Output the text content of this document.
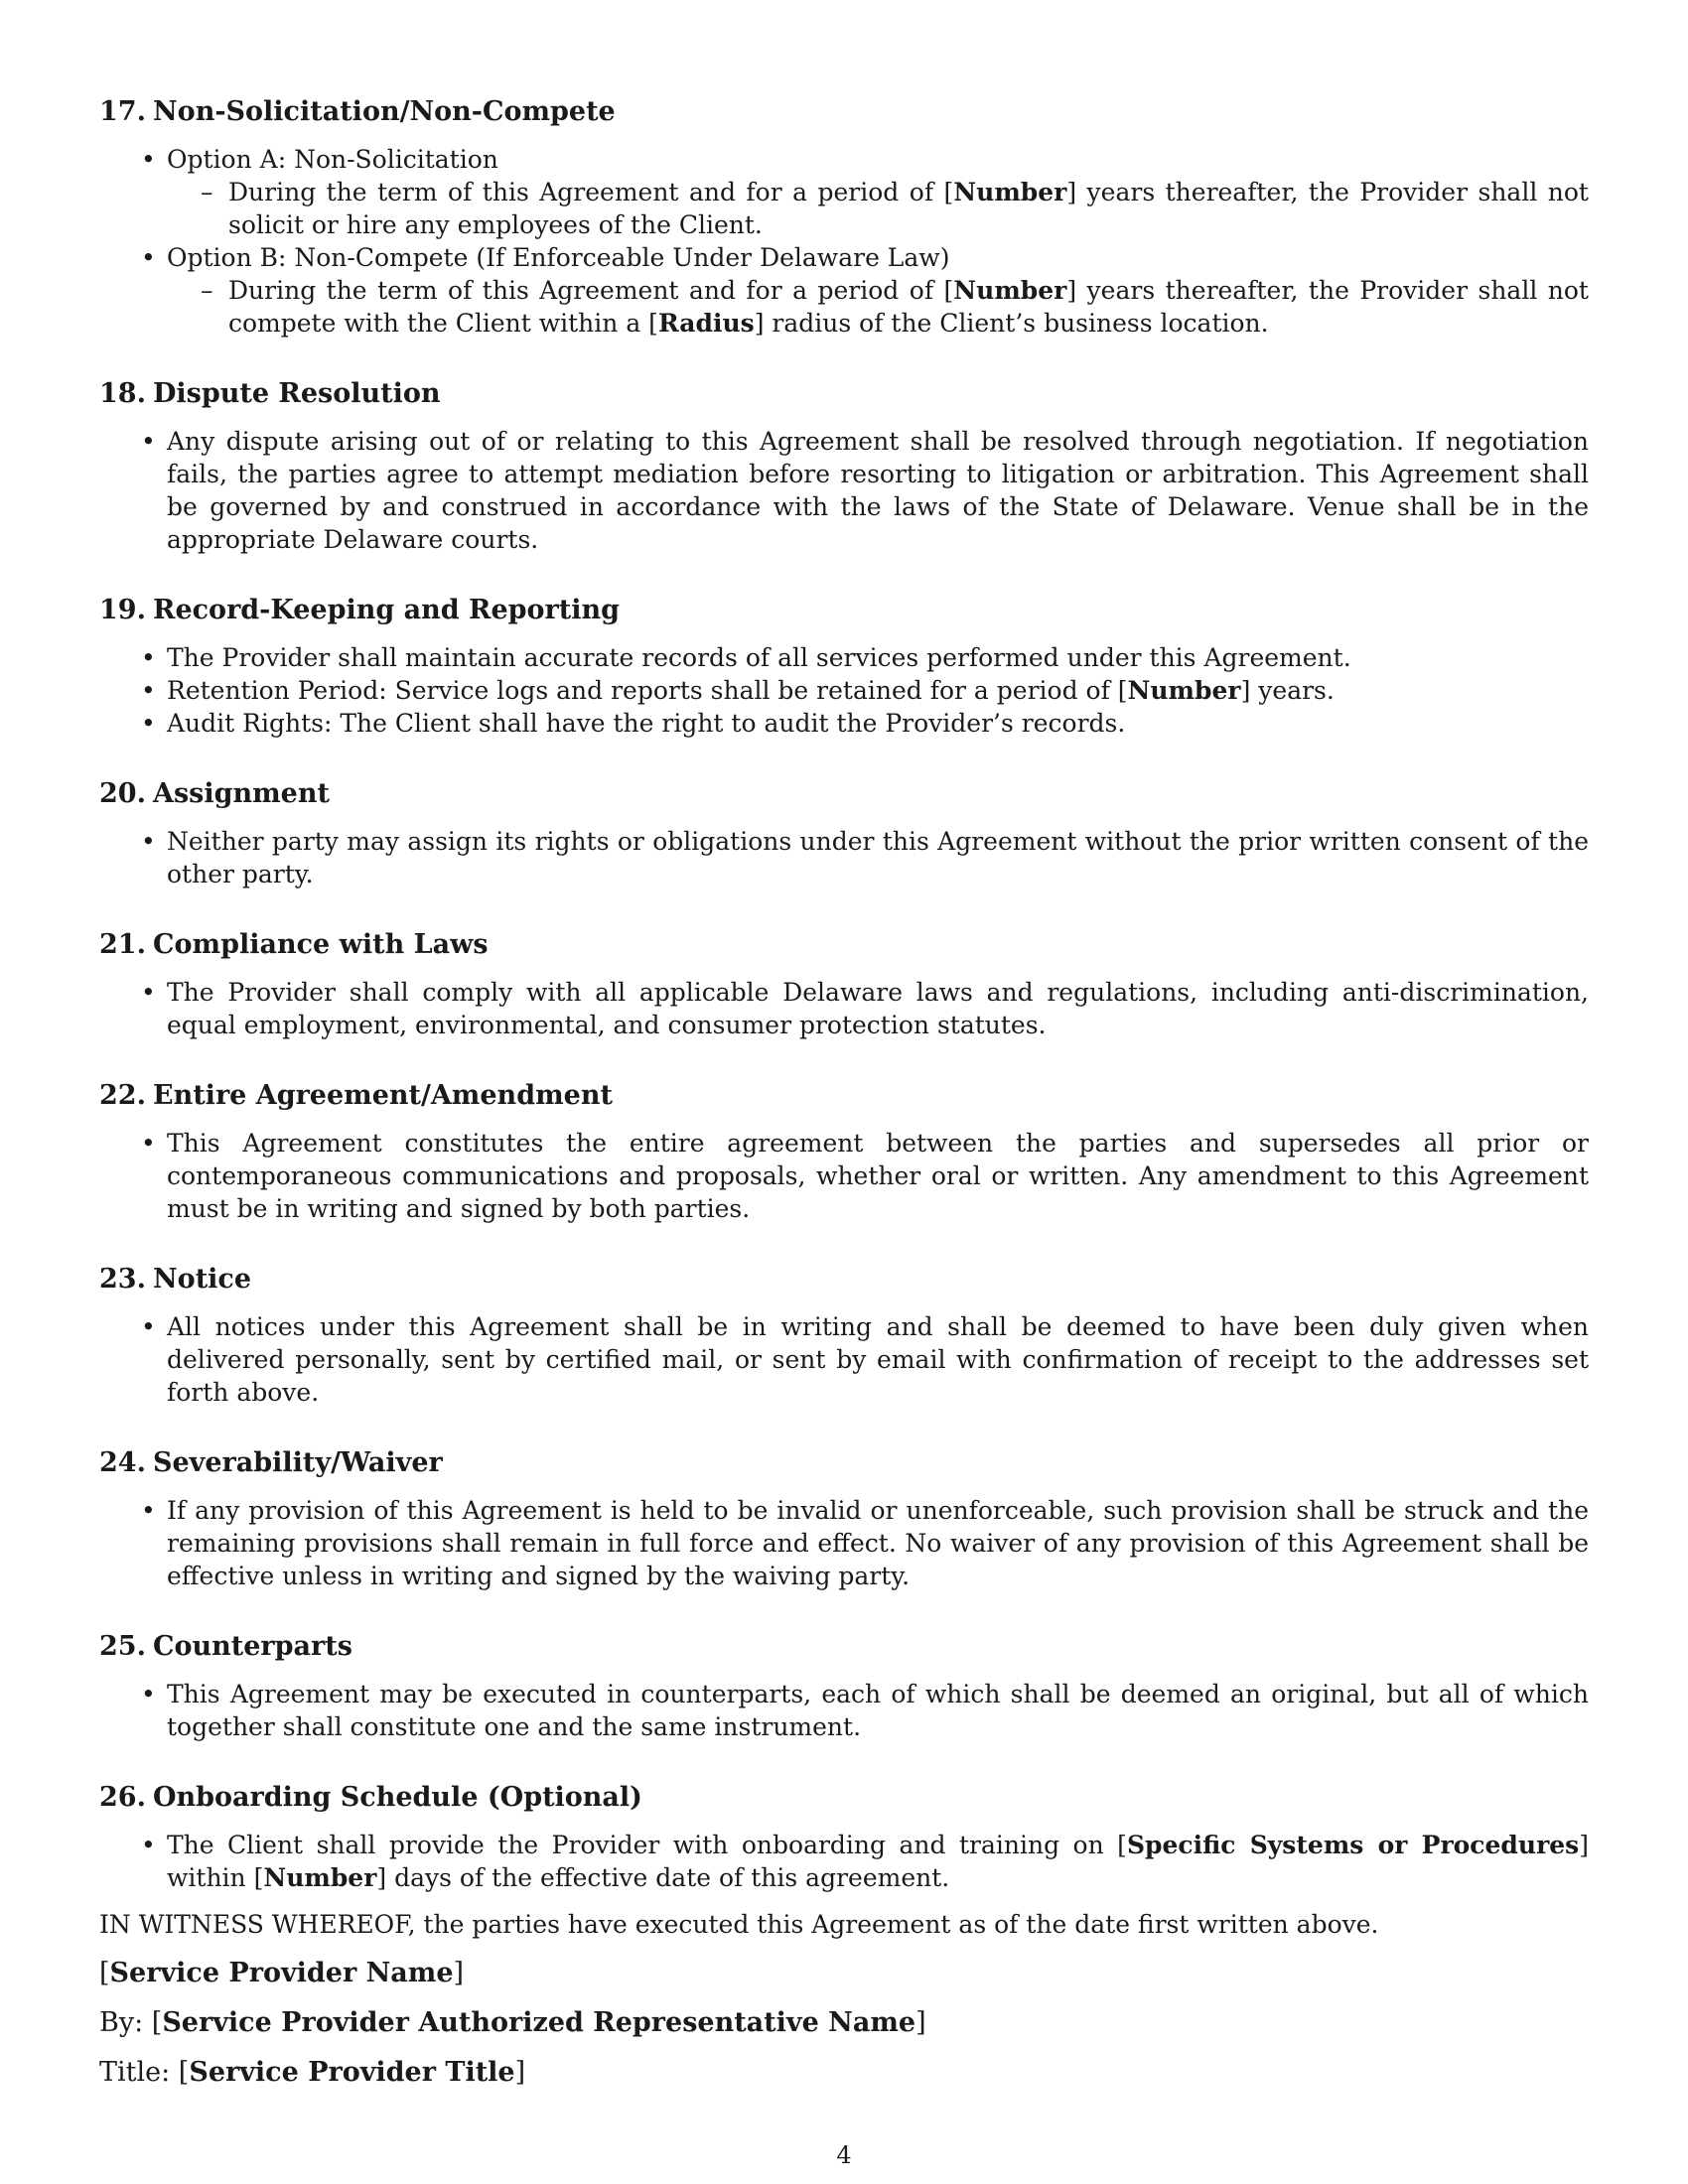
17. Non-Solicitation/Non-Compete
• Option A: Non-Solicitation
– During the term of this Agreement and for a period of [Number] years thereafter, the Provider shall not solicit or hire any employees of the Client.
• Option B: Non-Compete (If Enforceable Under Delaware Law)
– During the term of this Agreement and for a period of [Number] years thereafter, the Provider shall not compete with the Client within a [Radius] radius of the Client’s business location.
18. Dispute Resolution
• Any dispute arising out of or relating to this Agreement shall be resolved through negotiation. If negotiation fails, the parties agree to attempt mediation before resorting to litigation or arbitration. This Agreement shall be governed by and construed in accordance with the laws of the State of Delaware. Venue shall be in the appropriate Delaware courts.
19. Record-Keeping and Reporting
• The Provider shall maintain accurate records of all services performed under this Agreement.
• Retention Period: Service logs and reports shall be retained for a period of [Number] years.
• Audit Rights: The Client shall have the right to audit the Provider’s records.
20. Assignment
• Neither party may assign its rights or obligations under this Agreement without the prior written consent of the other party.
21. Compliance with Laws
• The Provider shall comply with all applicable Delaware laws and regulations, including anti-discrimination, equal employment, environmental, and consumer protection statutes.
22. Entire Agreement/Amendment
• This Agreement constitutes the entire agreement between the parties and supersedes all prior or contemporaneous communications and proposals, whether oral or written. Any amendment to this Agreement must be in writing and signed by both parties.
23. Notice
• All notices under this Agreement shall be in writing and shall be deemed to have been duly given when delivered personally, sent by certified mail, or sent by email with confirmation of receipt to the addresses set forth above.
24. Severability/Waiver
• If any provision of this Agreement is held to be invalid or unenforceable, such provision shall be struck and the remaining provisions shall remain in full force and effect. No waiver of any provision of this Agreement shall be effective unless in writing and signed by the waiving party.
25. Counterparts
• This Agreement may be executed in counterparts, each of which shall be deemed an original, but all of which together shall constitute one and the same instrument.
26. Onboarding Schedule (Optional)
• The Client shall provide the Provider with onboarding and training on [Specific Systems or Procedures] within [Number] days of the effective date of this agreement.

IN WITNESS WHEREOF, the parties have executed this Agreement as of the date first written above.

[Service Provider Name]
By: [Service Provider Authorized Representative Name]
Title: [Service Provider Title]
4
